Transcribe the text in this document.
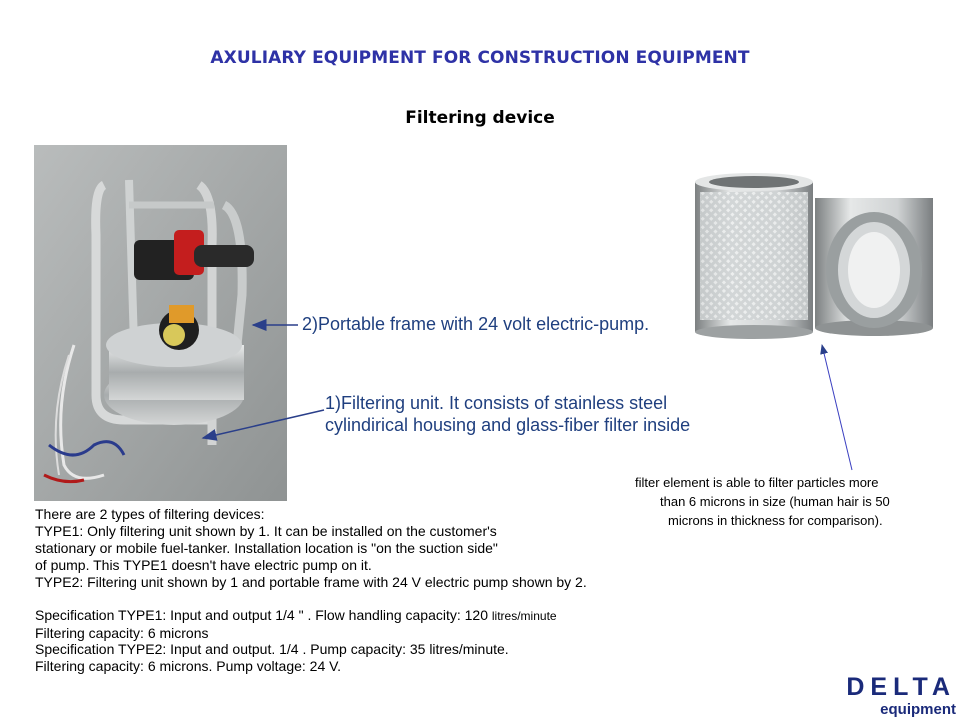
AXULIARY EQUIPMENT FOR CONSTRUCTION EQUIPMENT
Filtering device
2)Portable frame with 24 volt electric-pump.
1)Filtering unit. It consists of stainless steel
cylindirical housing and glass-fiber filter inside
filter element is able to filter particles more
than 6 microns in size (human hair is 50
microns in thickness for comparison).
There are 2 types of filtering devices:
TYPE1: Only filtering unit shown by 1. It can be installed on the customer's
stationary or mobile fuel-tanker. Installation location is "on the suction side"
of pump. This TYPE1 doesn't have electric pump on it.
TYPE2: Filtering unit shown by 1 and portable frame with 24 V electric pump shown by 2.
Specification TYPE1: Input and output 1/4 " . Flow handling capacity: 120 litres/minute
Filtering capacity: 6 microns
Specification TYPE2: Input and output. 1/4 . Pump capacity: 35 litres/minute.
Filtering capacity: 6 microns. Pump voltage: 24 V.
DELTA
equipment
